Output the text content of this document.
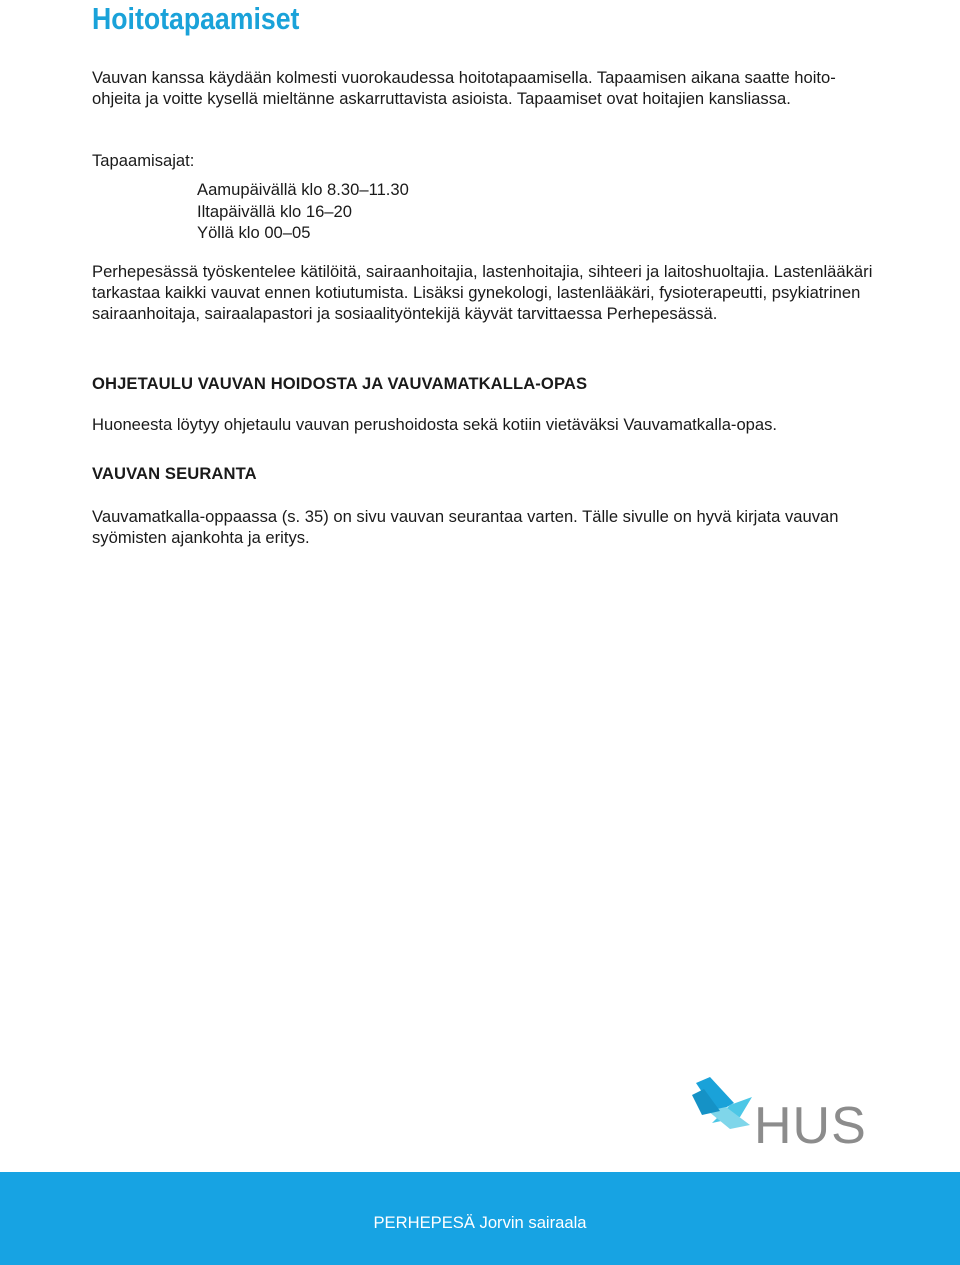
Hoitotapaamiset

Vauvan kanssa käydään kolmesti vuorokaudessa hoitotapaamisella. Tapaamisen aikana saatte hoito-ohjeita ja voitte kysellä mieltänne askarruttavista asioista. Tapaamiset ovat hoitajien kansliassa.

Tapaamisajat:

Aamupäivällä klo 8.30–11.30
Iltapäivällä klo 16–20
Yöllä klo 00–05

Perhepesässä työskentelee kätilöitä, sairaanhoitajia, lastenhoitajia, sihteeri ja laitoshuoltajia. Lastenlääkäri tarkastaa kaikki vauvat ennen kotiutumista. Lisäksi gynekologi, lastenlääkäri, fysioterapeutti, psykiatrinen sairaanhoitaja, sairaalapastori ja sosiaalityöntekijä käyvät tarvittaessa Perhepesässä.

OHJETAULU VAUVAN HOIDOSTA JA VAUVAMATKALLA-OPAS

Huoneesta löytyy ohjetaulu vauvan perushoidosta sekä kotiin vietäväksi Vauvamatkalla-opas.

VAUVAN SEURANTA

Vauvamatkalla-oppaassa (s. 35) on sivu vauvan seurantaa varten. Tälle sivulle on hyvä kirjata vauvan syömisten ajankohta ja eritys.

HUS
PERHEPESÄ Jorvin sairaala
